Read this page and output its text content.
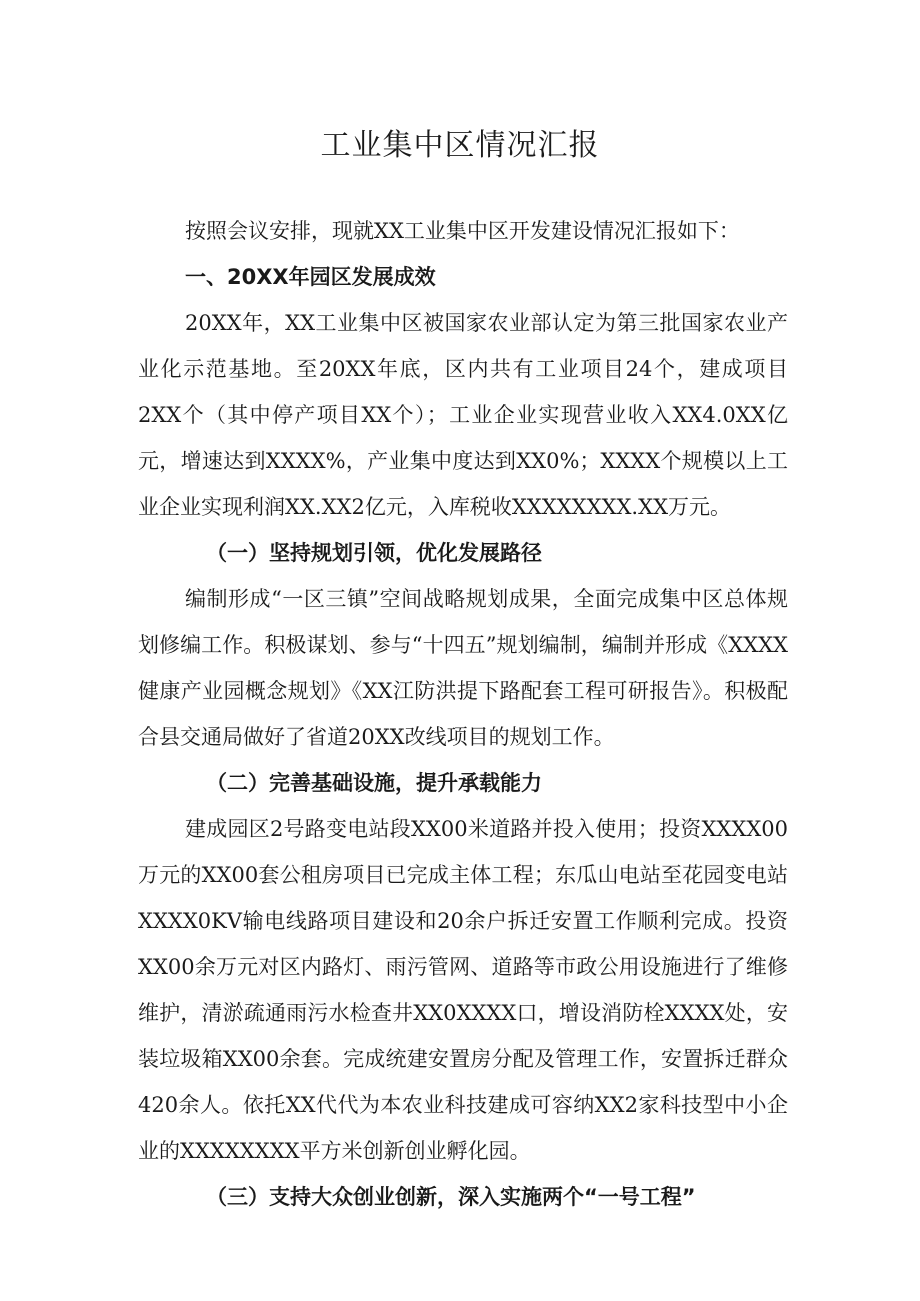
工业集中区情况汇报

按照会议安排，现就XX工业集中区开发建设情况汇报如下：

一、20XX年园区发展成效

20XX年，XX工业集中区被国家农业部认定为第三批国家农业产业化示范基地。至20XX年底，区内共有工业项目24个，建成项目2XX个（其中停产项目XX个）；工业企业实现营业收入XX4.0XX亿元，增速达到XXXX%，产业集中度达到XX0%；XXXX个规模以上工业企业实现利润XX.XX2亿元，入库税收XXXXXXXX.XX万元。

（一）坚持规划引领，优化发展路径

编制形成“一区三镇”空间战略规划成果，全面完成集中区总体规划修编工作。积极谋划、参与“十四五”规划编制，编制并形成《XXXX健康产业园概念规划》《XX江防洪提下路配套工程可研报告》。积极配合县交通局做好了省道20XX改线项目的规划工作。

（二）完善基础设施，提升承载能力

建成园区2号路变电站段XX00米道路并投入使用；投资XXXX00万元的XX00套公租房项目已完成主体工程；东瓜山电站至花园变电站XXXX0KV输电线路项目建设和20余户拆迁安置工作顺利完成。投资XX00余万元对区内路灯、雨污管网、道路等市政公用设施进行了维修维护，清淤疏通雨污水检查井XX0XXXX口，增设消防栓XXXX处，安装垃圾箱XX00余套。完成统建安置房分配及管理工作，安置拆迁群众420余人。依托XX代代为本农业科技建成可容纳XX2家科技型中小企业的XXXXXXXX平方米创新创业孵化园。

（三）支持大众创业创新，深入实施两个“一号工程”
